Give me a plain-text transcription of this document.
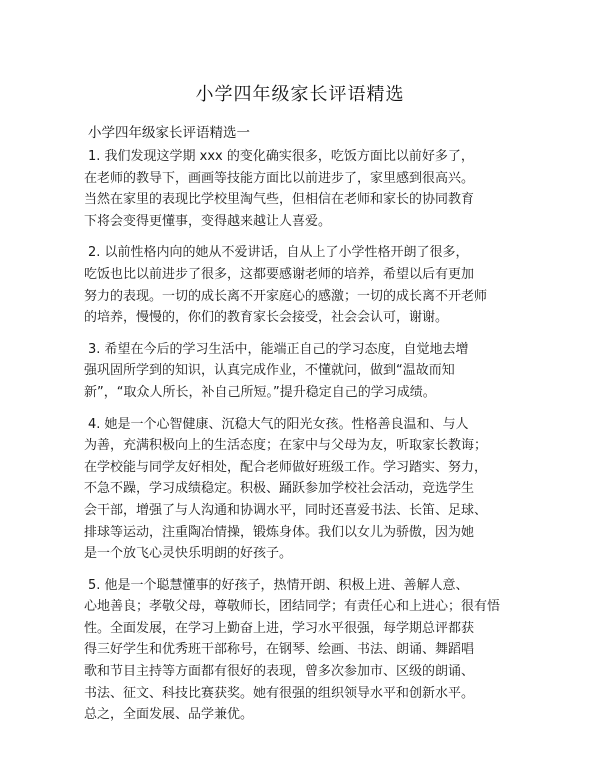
小学四年级家长评语精选
小学四年级家长评语精选一
1. 我们发现这学期 xxx 的变化确实很多，吃饭方面比以前好多了，
在老师的教导下，画画等技能方面比以前进步了，家里感到很高兴。
当然在家里的表现比学校里淘气些，但相信在老师和家长的协同教育
下将会变得更懂事，变得越来越让人喜爱。
2. 以前性格内向的她从不爱讲话，自从上了小学性格开朗了很多，
吃饭也比以前进步了很多，这都要感谢老师的培养，希望以后有更加
努力的表现。一切的成长离不开家庭心的感激；一切的成长离不开老师
的培养，慢慢的，你们的教育家长会接受，社会会认可，谢谢。
3. 希望在今后的学习生活中，能端正自己的学习态度，自觉地去增
强巩固所学到的知识，认真完成作业，不懂就问，做到“温故而知
新”，“取众人所长，补自己所短。”提升稳定自己的学习成绩。
4. 她是一个心智健康、沉稳大气的阳光女孩。性格善良温和、与人
为善，充满积极向上的生活态度；在家中与父母为友，听取家长教诲；
在学校能与同学友好相处，配合老师做好班级工作。学习踏实、努力，
不急不躁，学习成绩稳定。积极、踊跃参加学校社会活动，竞选学生
会干部，增强了与人沟通和协调水平，同时还喜爱书法、长笛、足球、
排球等运动，注重陶冶情操，锻炼身体。我们以女儿为骄傲，因为她
是一个放飞心灵快乐明朗的好孩子。
5. 他是一个聪慧懂事的好孩子，热情开朗、积极上进、善解人意、
心地善良；孝敬父母，尊敬师长，团结同学；有责任心和上进心；很有悟
性。全面发展，在学习上勤奋上进，学习水平很强，每学期总评都获
得三好学生和优秀班干部称号，在钢琴、绘画、书法、朗诵、舞蹈唱
歌和节目主持等方面都有很好的表现，曾多次参加市、区级的朗诵、
书法、征文、科技比赛获奖。她有很强的组织领导水平和创新水平。
总之，全面发展、品学兼优。
